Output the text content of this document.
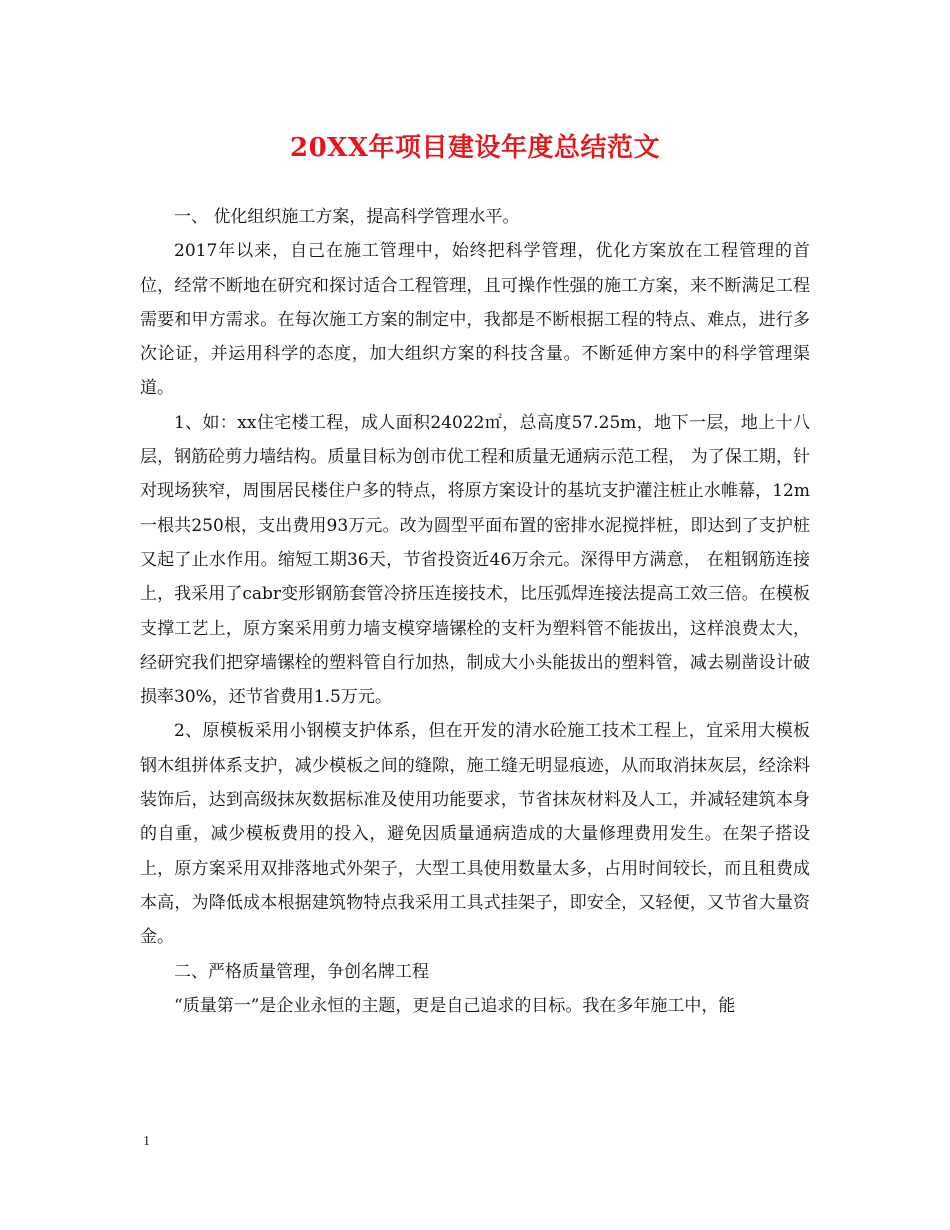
20XX年项目建设年度总结范文

一、 优化组织施工方案，提高科学管理水平。

2017年以来，自己在施工管理中，始终把科学管理，优化方案放在工程管理的首位，经常不断地在研究和探讨适合工程管理，且可操作性强的施工方案，来不断满足工程需要和甲方需求。在每次施工方案的制定中，我都是不断根据工程的特点、难点，进行多次论证，并运用科学的态度，加大组织方案的科技含量。不断延伸方案中的科学管理渠道。

1、如：xx住宅楼工程，成人面积24022㎡，总高度57.25m，地下一层，地上十八层，钢筋砼剪力墙结构。质量目标为创市优工程和质量无通病示范工程， 为了保工期，针对现场狭窄，周围居民楼住户多的特点，将原方案设计的基坑支护灌注桩止水帷幕，12m一根共250根，支出费用93万元。改为圆型平面布置的密排水泥搅拌桩，即达到了支护桩又起了止水作用。缩短工期36天，节省投资近46万余元。深得甲方满意， 在粗钢筋连接上，我采用了cabr变形钢筋套管冷挤压连接技术，比压弧焊连接法提高工效三倍。在模板支撑工艺上，原方案采用剪力墙支模穿墙镙栓的支杆为塑料管不能拔出，这样浪费太大，经研究我们把穿墙镙栓的塑料管自行加热，制成大小头能拔出的塑料管，减去剔凿设计破损率30%，还节省费用1.5万元。

2、原模板采用小钢模支护体系，但在开发的清水砼施工技术工程上，宜采用大模板钢木组拼体系支护，减少模板之间的缝隙，施工缝无明显痕迹，从而取消抹灰层，经涂料装饰后，达到高级抹灰数据标准及使用功能要求，节省抹灰材料及人工，并减轻建筑本身的自重，减少模板费用的投入，避免因质量通病造成的大量修理费用发生。在架子搭设上，原方案采用双排落地式外架子，大型工具使用数量太多，占用时间较长，而且租费成本高，为降低成本根据建筑物特点我采用工具式挂架子，即安全，又轻便，又节省大量资金。

二、严格质量管理，争创名牌工程

“质量第一”是企业永恒的主题，更是自己追求的目标。我在多年施工中，能

1
